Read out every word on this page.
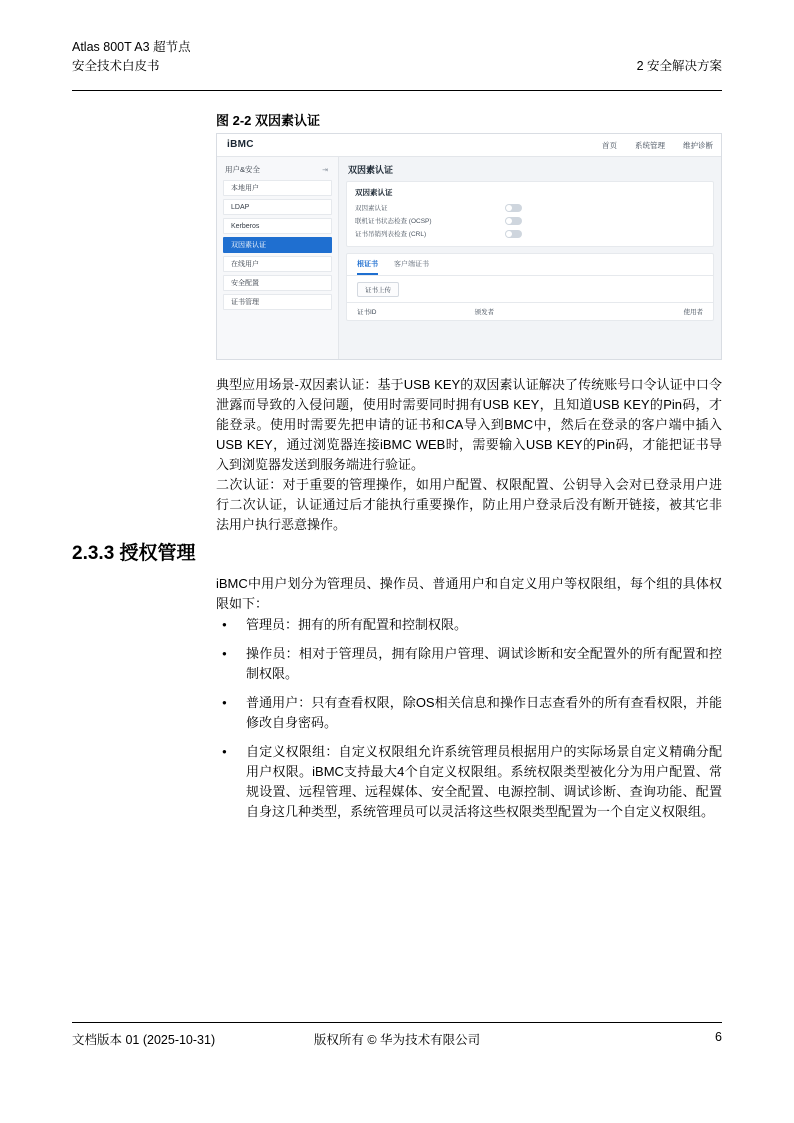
Atlas 800T A3 超节点
安全技术白皮书	2 安全解决方案
图 2-2 双因素认证
iBMC	首页 系统管理 维护诊断
用户&安全	⇥
本地用户
LDAP
Kerberos
双因素认证
在线用户
安全配置
证书管理
双因素认证
双因素认证
双因素认证
联机证书状态检查 (OCSP)
证书吊销列表检查 (CRL)
根证书 客户端证书
证书上传
证书ID	颁发者	使用者
典型应用场景-双因素认证：基于USB KEY的双因素认证解决了传统账号口令认证中口令泄露而导致的入侵问题，使用时需要同时拥有USB KEY，且知道USB KEY的Pin码，才能登录。使用时需要先把申请的证书和CA导入到BMC中，然后在登录的客户端中插入USB KEY，通过浏览器连接iBMC WEB时，需要输入USB KEY的Pin码，才能把证书导入到浏览器发送到服务端进行验证。
二次认证：对于重要的管理操作，如用户配置、权限配置、公钥导入会对已登录用户进行二次认证，认证通过后才能执行重要操作，防止用户登录后没有断开链接，被其它非法用户执行恶意操作。
2.3.3 授权管理
iBMC中用户划分为管理员、操作员、普通用户和自定义用户等权限组，每个组的具体权限如下：
● 管理员：拥有的所有配置和控制权限。
● 操作员：相对于管理员，拥有除用户管理、调试诊断和安全配置外的所有配置和控制权限。
● 普通用户：只有查看权限，除OS相关信息和操作日志查看外的所有查看权限，并能修改自身密码。
● 自定义权限组：自定义权限组允许系统管理员根据用户的实际场景自定义精确分配用户权限。iBMC支持最大4个自定义权限组。系统权限类型被化分为用户配置、常规设置、远程管理、远程媒体、安全配置、电源控制、调试诊断、查询功能、配置自身这几种类型，系统管理员可以灵活将这些权限类型配置为一个自定义权限组。
文档版本 01 (2025-10-31)	版权所有 © 华为技术有限公司	6
